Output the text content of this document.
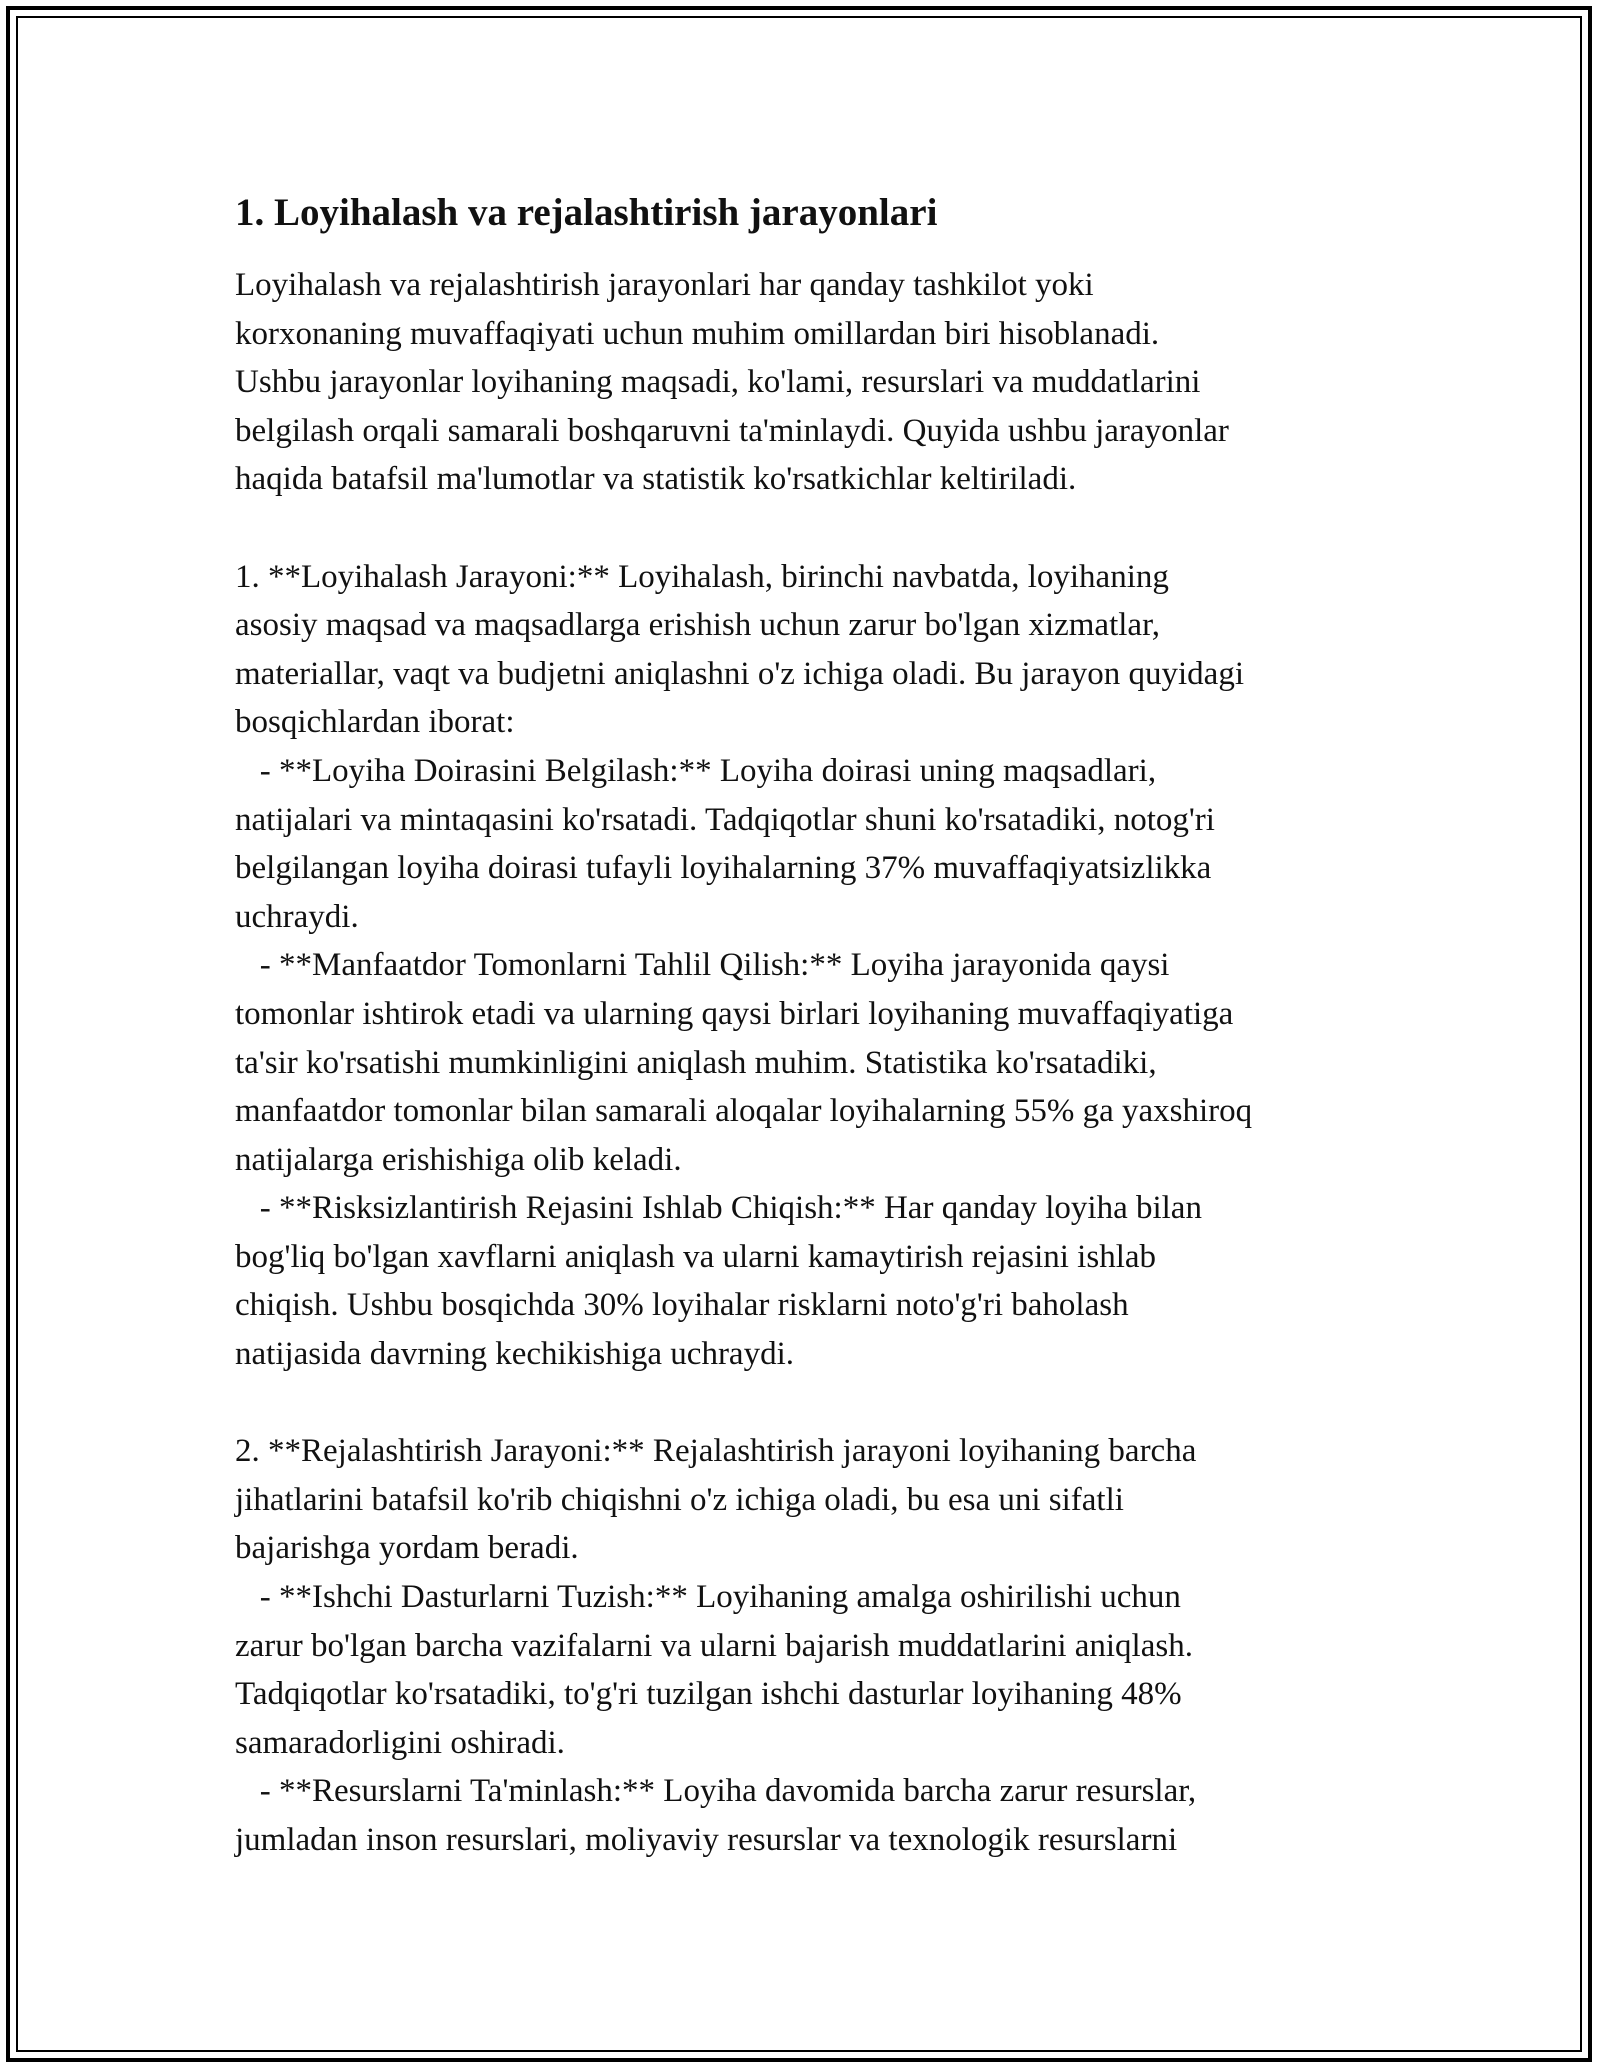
1. Loyihalash va rejalashtirish jarayonlari
Loyihalash va rejalashtirish jarayonlari har qanday tashkilot yoki
korxonaning muvaffaqiyati uchun muhim omillardan biri hisoblanadi.
Ushbu jarayonlar loyihaning maqsadi, ko'lami, resurslari va muddatlarini
belgilash orqali samarali boshqaruvni ta'minlaydi. Quyida ushbu jarayonlar
haqida batafsil ma'lumotlar va statistik ko'rsatkichlar keltiriladi.
1. **Loyihalash Jarayoni:** Loyihalash, birinchi navbatda, loyihaning
asosiy maqsad va maqsadlarga erishish uchun zarur bo'lgan xizmatlar,
materiallar, vaqt va budjetni aniqlashni o'z ichiga oladi. Bu jarayon quyidagi
bosqichlardan iborat:
- **Loyiha Doirasini Belgilash:** Loyiha doirasi uning maqsadlari,
natijalari va mintaqasini ko'rsatadi. Tadqiqotlar shuni ko'rsatadiki, notog'ri
belgilangan loyiha doirasi tufayli loyihalarning 37% muvaffaqiyatsizlikka
uchraydi.
- **Manfaatdor Tomonlarni Tahlil Qilish:** Loyiha jarayonida qaysi
tomonlar ishtirok etadi va ularning qaysi birlari loyihaning muvaffaqiyatiga
ta'sir ko'rsatishi mumkinligini aniqlash muhim. Statistika ko'rsatadiki,
manfaatdor tomonlar bilan samarali aloqalar loyihalarning 55% ga yaxshiroq
natijalarga erishishiga olib keladi.
- **Risksizlantirish Rejasini Ishlab Chiqish:** Har qanday loyiha bilan
bog'liq bo'lgan xavflarni aniqlash va ularni kamaytirish rejasini ishlab
chiqish. Ushbu bosqichda 30% loyihalar risklarni noto'g'ri baholash
natijasida davrning kechikishiga uchraydi.
2. **Rejalashtirish Jarayoni:** Rejalashtirish jarayoni loyihaning barcha
jihatlarini batafsil ko'rib chiqishni o'z ichiga oladi, bu esa uni sifatli
bajarishga yordam beradi.
- **Ishchi Dasturlarni Tuzish:** Loyihaning amalga oshirilishi uchun
zarur bo'lgan barcha vazifalarni va ularni bajarish muddatlarini aniqlash.
Tadqiqotlar ko'rsatadiki, to'g'ri tuzilgan ishchi dasturlar loyihaning 48%
samaradorligini oshiradi.
- **Resurslarni Ta'minlash:** Loyiha davomida barcha zarur resurslar,
jumladan inson resurslari, moliyaviy resurslar va texnologik resurslarni
